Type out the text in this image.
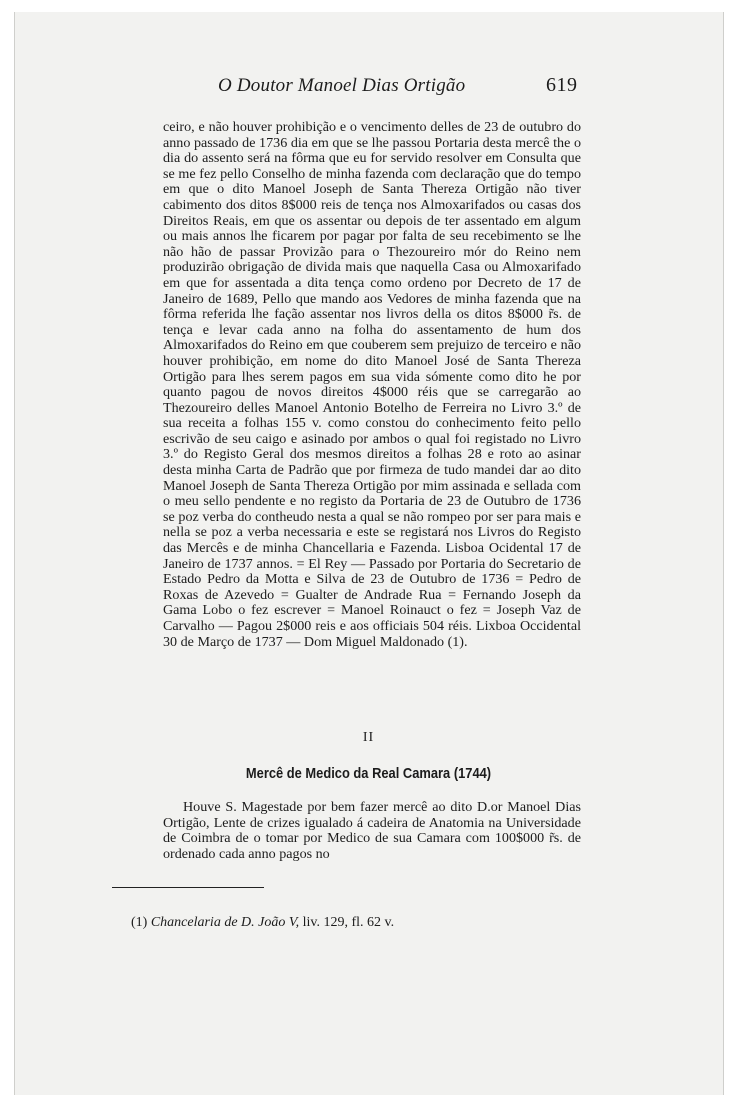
O Doutor Manoel Dias Ortigão	619

ceiro, e não houver prohibição e o vencimento delles de 23 de outubro do anno passado de 1736 dia em que se lhe passou Portaria desta mercê the o dia do assento será na fôrma que eu for servido resolver em Consulta que se me fez pello Conselho de minha fazenda com declaração que do tempo em que o dito Manoel Joseph de Santa Thereza Ortigão não tiver cabimento dos ditos 8$000 reis de tença nos Almoxarifados ou casas dos Direitos Reais, em que os assentar ou depois de ter assentado em algum ou mais annos lhe ficarem por pagar por falta de seu recebimento se lhe não hão de passar Provizão para o Thezoureiro mór do Reino nem produzirão obrigação de divida mais que naquella Casa ou Almoxarifado em que for assentada a dita tença como ordeno por Decreto de 17 de Janeiro de 1689, Pello que mando aos Vedores de minha fazenda que na fôrma referida lhe fação assentar nos livros della os ditos 8$000 r̃s. de tença e levar cada anno na folha do assentamento de hum dos Almoxarifados do Reino em que couberem sem prejuizo de terceiro e não houver prohibição, em nome do dito Manoel José de Santa Thereza Ortigão para lhes serem pagos em sua vida sómente como dito he por quanto pagou de novos direitos 4$000 réis que se carregarão ao Thezoureiro delles Manoel Antonio Botelho de Ferreira no Livro 3.º de sua receita a folhas 155 v. como constou do conhecimento feito pello escrivão de seu caigo e asinado por ambos o qual foi registado no Livro 3.º do Registo Geral dos mesmos direitos a folhas 28 e roto ao asinar desta minha Carta de Padrão que por firmeza de tudo mandei dar ao dito Manoel Joseph de Santa Thereza Ortigão por mim assinada e sellada com o meu sello pendente e no registo da Portaria de 23 de Outubro de 1736 se poz verba do contheudo nesta a qual se não rompeo por ser para mais e nella se poz a verba necessaria e este se registará nos Livros do Registo das Mercês e de minha Chancellaria e Fazenda. Lisboa Ocidental 17 de Janeiro de 1737 annos. = El Rey — Passado por Portaria do Secretario de Estado Pedro da Motta e Silva de 23 de Outubro de 1736 = Pedro de Roxas de Azevedo = Gualter de Andrade Rua = Fernando Joseph da Gama Lobo o fez escrever = Manoel Roinauct o fez = Joseph Vaz de Carvalho — Pagou 2$000 reis e aos officiais 504 réis. Lixboa Occidental 30 de Março de 1737 — Dom Miguel Maldonado (1).

II
Mercê de Medico da Real Camara (1744)

Houve S. Magestade por bem fazer mercê ao dito D.or Manoel Dias Ortigão, Lente de crizes igualado á cadeira de Anatomia na Universidade de Coimbra de o tomar por Medico de sua Camara com 100$000 r̃s. de ordenado cada anno pagos no

(1) Chancelaria de D. João V, liv. 129, fl. 62 v.
